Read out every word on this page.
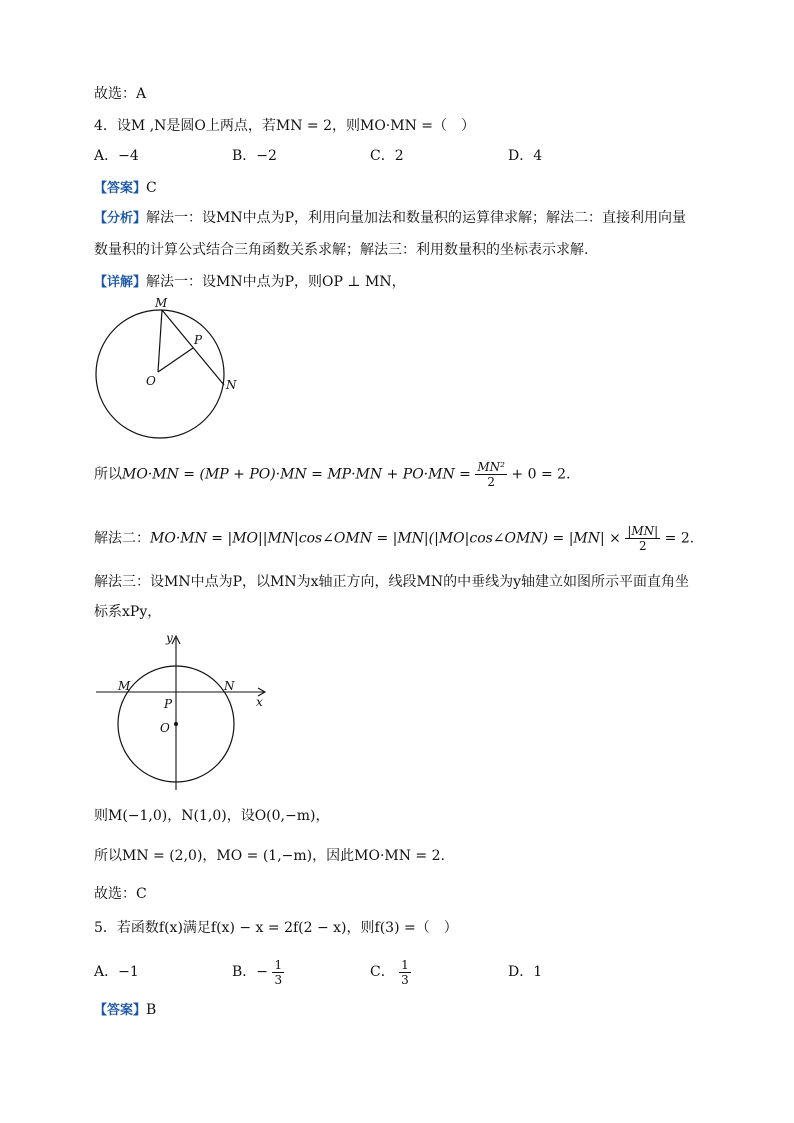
故选：A
4．设M ,N是圆O上两点，若MN = 2，则MO·MN =（　）
A．−4	B．−2	C．2	D．4
【答案】C
【分析】解法一：设MN中点为P，利用向量加法和数量积的运算律求解；解法二：直接利用向量
数量积的计算公式结合三角函数关系求解；解法三：利用数量积的坐标表示求解.
【详解】解法一：设MN中点为P，则OP ⊥ MN，
M
P
O	N
所以$MO\cdot MN = (MP + PO)\cdot MN = MP\cdot MN + PO\cdot MN = \frac{\text{MN²}}{2} + 0 = 2$.
解法二：MO·MN = |MO||MN|cos∠OMN = |MN|(|MO|cos∠OMN) = $|MN| \times \frac{|MN|}{2} = 2$.
解法三：设MN中点为P，以MN为x轴正方向，线段MN的中垂线为y轴建立如图所示平面直角坐
标系xPy，
y
x
M	N
P
O
则M(−1,0)，N(1,0)，设O(0,−m)，
所以MN = (2,0)，MO = (1,−m)，因此MO·MN = 2.
故选：C
5．若函数f(x)满足f(x) − x = 2f(2 − x)，则f(3) =（　）
A．−1	B．− $\frac{1}{3}$	C． $\frac{1}{3}$	D．1
【答案】B
